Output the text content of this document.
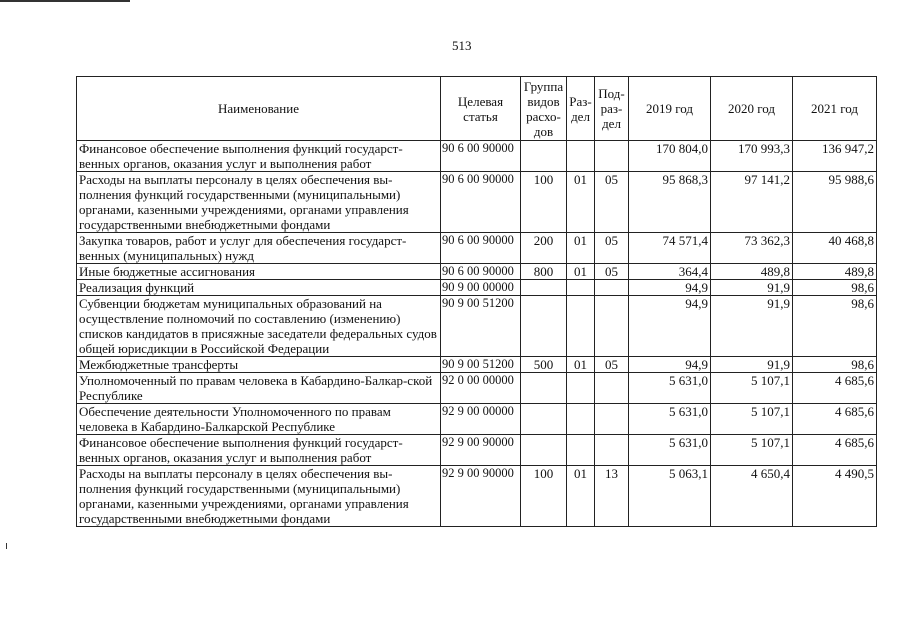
513
Наименование	Целевая статья	Группа видов расхо-дов	Раз-дел	Под-раз-дел	2019 год	2020 год	2021 год
Финансовое обеспечение выполнения функций государст-венных органов, оказания услуг и выполнения работ	90 6 00 90000				170 804,0	170 993,3	136 947,2
Расходы на выплаты персоналу в целях обеспечения вы-полнения функций государственными (муниципальными) органами, казенными учреждениями, органами управления государственными внебюджетными фондами	90 6 00 90000	100	01	05	95 868,3	97 141,2	95 988,6
Закупка товаров, работ и услуг для обеспечения государст-венных (муниципальных) нужд	90 6 00 90000	200	01	05	74 571,4	73 362,3	40 468,8
Иные бюджетные ассигнования	90 6 00 90000	800	01	05	364,4	489,8	489,8
Реализация функций	90 9 00 00000				94,9	91,9	98,6
Субвенции бюджетам муниципальных образований на осуществление полномочий по составлению (изменению) списков кандидатов в присяжные заседатели федеральных судов общей юрисдикции в Российской Федерации	90 9 00 51200				94,9	91,9	98,6
Межбюджетные трансферты	90 9 00 51200	500	01	05	94,9	91,9	98,6
Уполномоченный по правам человека в Кабардино-Балкар-ской Республике	92 0 00 00000				5 631,0	5 107,1	4 685,6
Обеспечение деятельности Уполномоченного по правам человека в Кабардино-Балкарской Республике	92 9 00 00000				5 631,0	5 107,1	4 685,6
Финансовое обеспечение выполнения функций государст-венных органов, оказания услуг и выполнения работ	92 9 00 90000				5 631,0	5 107,1	4 685,6
Расходы на выплаты персоналу в целях обеспечения вы-полнения функций государственными (муниципальными) органами, казенными учреждениями, органами управления государственными внебюджетными фондами	92 9 00 90000	100	01	13	5 063,1	4 650,4	4 490,5
